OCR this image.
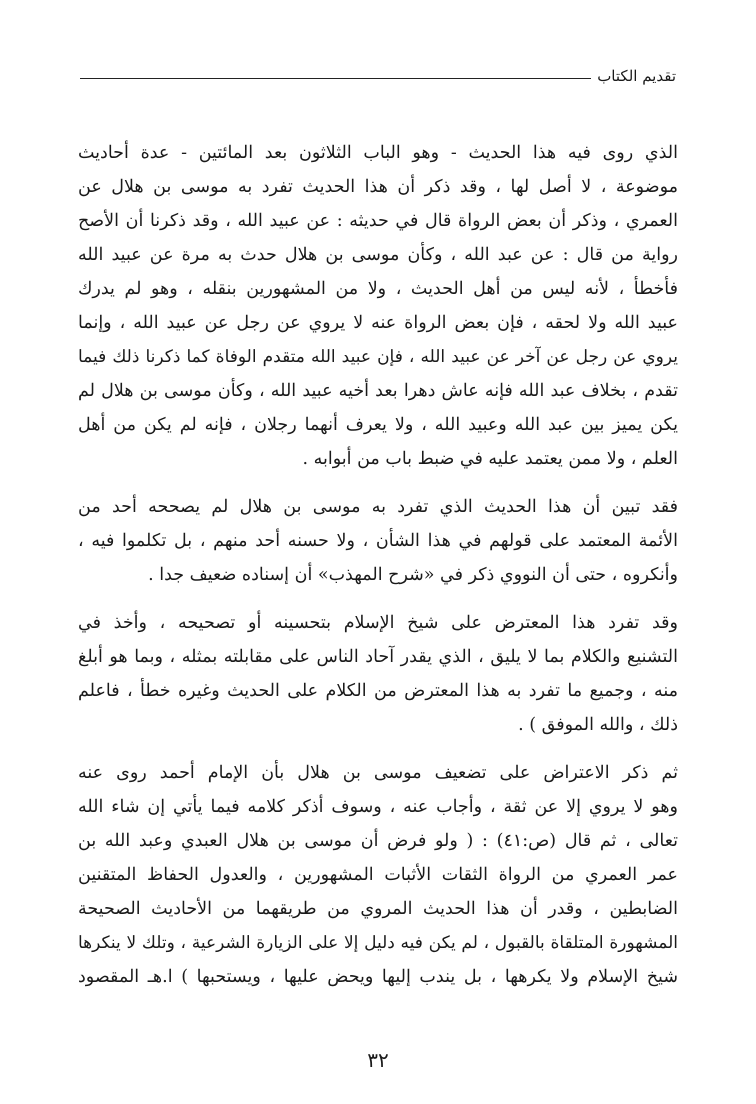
تقديم الكتاب
الذي روى فيه هذا الحديث - وهو الباب الثلاثون بعد المائتين - عدة أحاديث
موضوعة ، لا أصل لها ، وقد ذكر أن هذا الحديث تفرد به موسى بن هلال عن
العمري ، وذكر أن بعض الرواة قال في حديثه : عن عبيد الله ، وقد ذكرنا أن الأصح
رواية من قال : عن عبد الله ، وكأن موسى بن هلال حدث به مرة عن عبيد الله
فأخطأ ، لأنه ليس من أهل الحديث ، ولا من المشهورين بنقله ، وهو لم يدرك
عبيد الله ولا لحقه ، فإن بعض الرواة عنه لا يروي عن رجل عن عبيد الله ، وإنما
يروي عن رجل عن آخر عن عبيد الله ، فإن عبيد الله متقدم الوفاة كما ذكرنا ذلك فيما
تقدم ، بخلاف عبد الله فإنه عاش دهرا بعد أخيه عبيد الله ، وكأن موسى بن هلال لم
يكن يميز بين عبد الله وعبيد الله ، ولا يعرف أنهما رجلان ، فإنه لم يكن من أهل
العلم ، ولا ممن يعتمد عليه في ضبط باب من أبوابه .
فقد تبين أن هذا الحديث الذي تفرد به موسى بن هلال لم يصححه أحد من
الأئمة المعتمد على قولهم في هذا الشأن ، ولا حسنه أحد منهم ، بل تكلموا فيه ،
وأنكروه ، حتى أن النووي ذكر في «شرح المهذب» أن إسناده ضعيف جدا .
وقد تفرد هذا المعترض على شيخ الإسلام بتحسينه أو تصحيحه ، وأخذ في
التشنيع والكلام بما لا يليق ، الذي يقدر آحاد الناس على مقابلته بمثله ، وبما هو أبلغ
منه ، وجميع ما تفرد به هذا المعترض من الكلام على الحديث وغيره خطأ ، فاعلم
ذلك ، والله الموفق ) .
ثم ذكر الاعتراض على تضعيف موسى بن هلال بأن الإمام أحمد روى عنه
وهو لا يروي إلا عن ثقة ، وأجاب عنه ، وسوف أذكر كلامه فيما يأتي إن شاء الله
تعالى ، ثم قال (ص:٤١) : ( ولو فرض أن موسى بن هلال العبدي وعبد الله بن
عمر العمري من الرواة الثقات الأثبات المشهورين ، والعدول الحفاظ المتقنين
الضابطين ، وقدر أن هذا الحديث المروي من طريقهما من الأحاديث الصحيحة
المشهورة المتلقاة بالقبول ، لم يكن فيه دليل إلا على الزيارة الشرعية ، وتلك لا ينكرها
شيخ الإسلام ولا يكرهها ، بل يندب إليها ويحض عليها ، ويستحبها ) ا.هـ المقصود
٣٢
